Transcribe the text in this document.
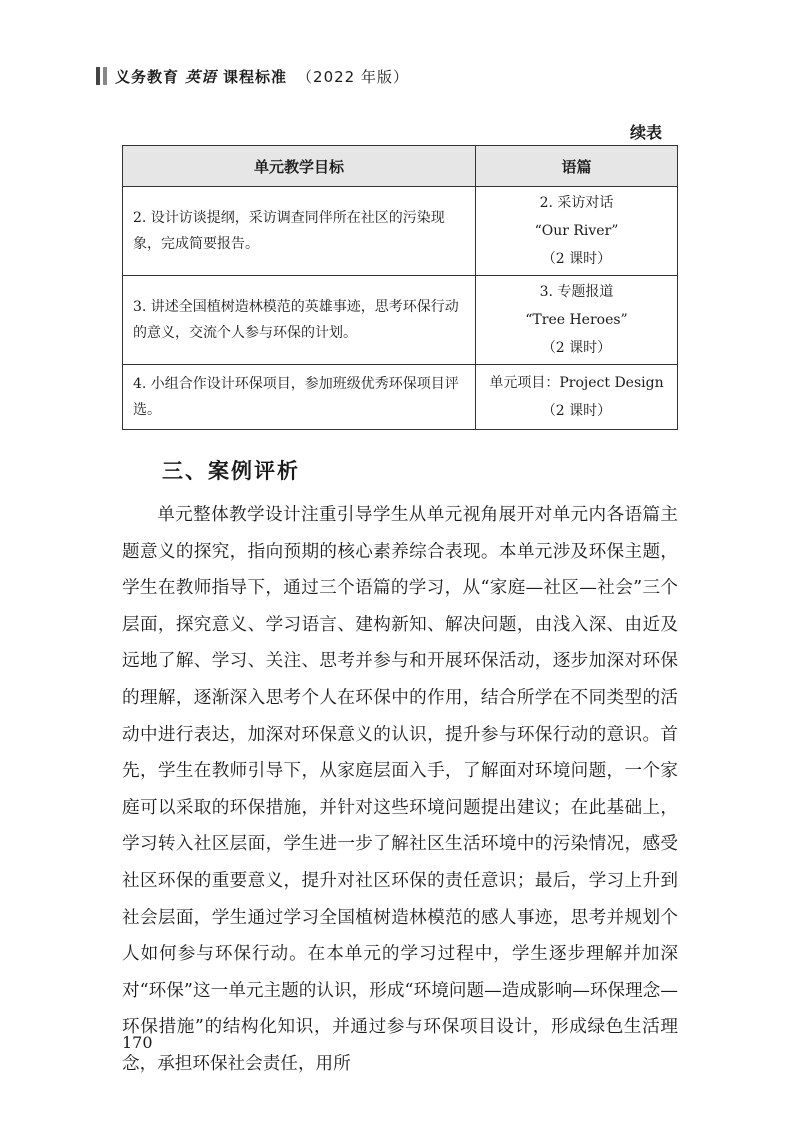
义务教育 英语 课程标准 （2022 年版）
续表
单元教学目标	语篇
2. 设计访谈提纲，采访调查同伴所在社区的污染现象，完成简要报告。	2. 采访对话
“Our River”
（2 课时）

3. 讲述全国植树造林模范的英雄事迹，思考环保行动的意义，交流个人参与环保的计划。	3. 专题报道
“Tree Heroes”
（2 课时）

4. 小组合作设计环保项目，参加班级优秀环保项目评选。	单元项目：Project Design
（2 课时）
三、案例评析

单元整体教学设计注重引导学生从单元视角展开对单元内各语篇主题意义的探究，指向预期的核心素养综合表现。本单元涉及环保主题，学生在教师指导下，通过三个语篇的学习，从“家庭—社区—社会”三个层面，探究意义、学习语言、建构新知、解决问题，由浅入深、由近及远地了解、学习、关注、思考并参与和开展环保活动，逐步加深对环保的理解，逐渐深入思考个人在环保中的作用，结合所学在不同类型的活动中进行表达，加深对环保意义的认识，提升参与环保行动的意识。首先，学生在教师引导下，从家庭层面入手，了解面对环境问题，一个家庭可以采取的环保措施，并针对这些环境问题提出建议；在此基础上，学习转入社区层面，学生进一步了解社区生活环境中的污染情况，感受社区环保的重要意义，提升对社区环保的责任意识；最后，学习上升到社会层面，学生通过学习全国植树造林模范的感人事迹，思考并规划个人如何参与环保行动。在本单元的学习过程中，学生逐步理解并加深对“环保”这一单元主题的认识，形成“环境问题—造成影响—环保理念—环保措施”的结构化知识，并通过参与环保项目设计，形成绿色生活理念，承担环保社会责任，用所

170
